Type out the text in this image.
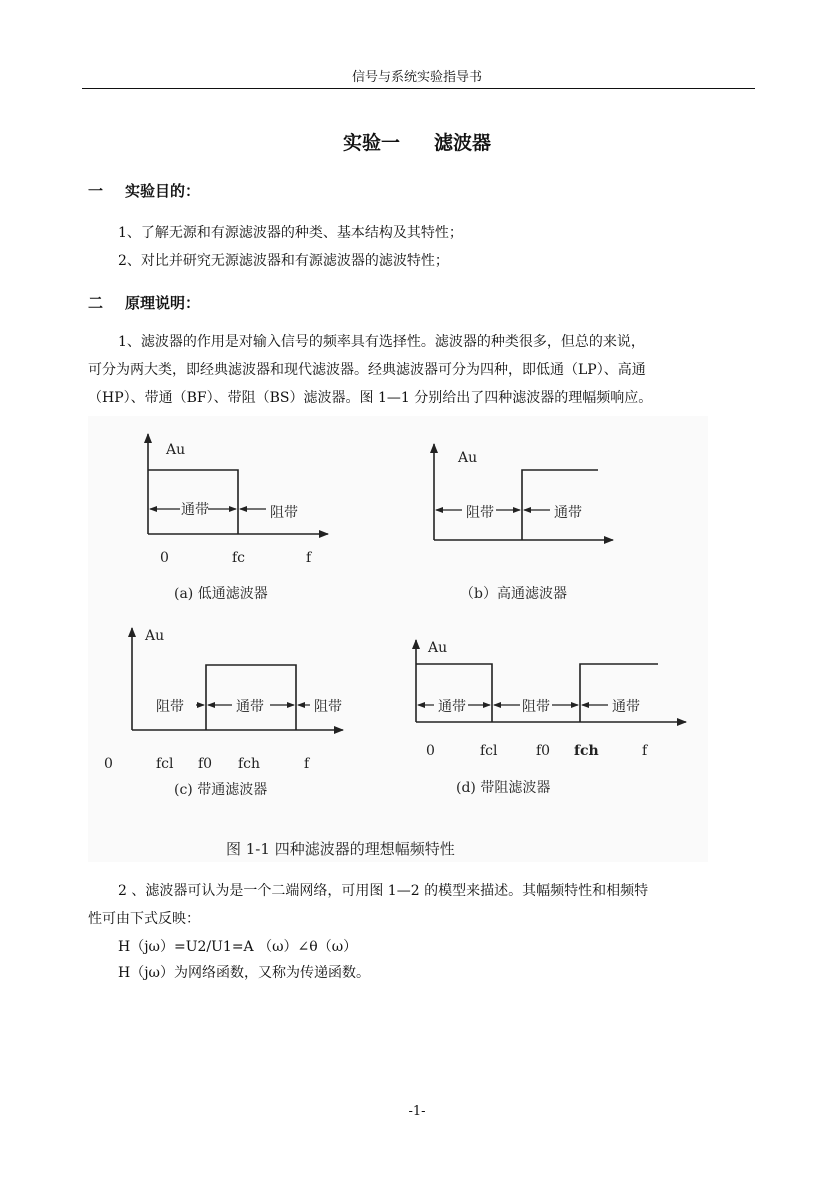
信号与系统实验指导书
实验一 滤波器
一 实验目的：
1、了解无源和有源滤波器的种类、基本结构及其特性；
2、对比并研究无源滤波器和有源滤波器的滤波特性；
二 原理说明：
1、滤波器的作用是对输入信号的频率具有选择性。滤波器的种类很多，但总的来说，
可分为两大类，即经典滤波器和现代滤波器。经典滤波器可分为四种，即低通（LP）、高通
（HP）、带通（BF）、带阻（BS）滤波器。图 1—1 分别给出了四种滤波器的理幅频响应。
Au
通带	阻带
0	fc	f
(a) 低通滤波器
Au
阻带	通带
（b）高通滤波器
Au
阻带	通带	阻带
0	fcl f0 fch	f
(c) 带通滤波器
Au
通带	阻带	通带
0	fcl	f0 fch	f
(d) 带阻滤波器
图 1-1 四种滤波器的理想幅频特性
2 、滤波器可认为是一个二端网络，可用图 1—2 的模型来描述。其幅频特性和相频特
性可由下式反映：
H（jω）=U2/U1=A （ω）∠θ（ω）
H（jω）为网络函数，又称为传递函数。
-1-
